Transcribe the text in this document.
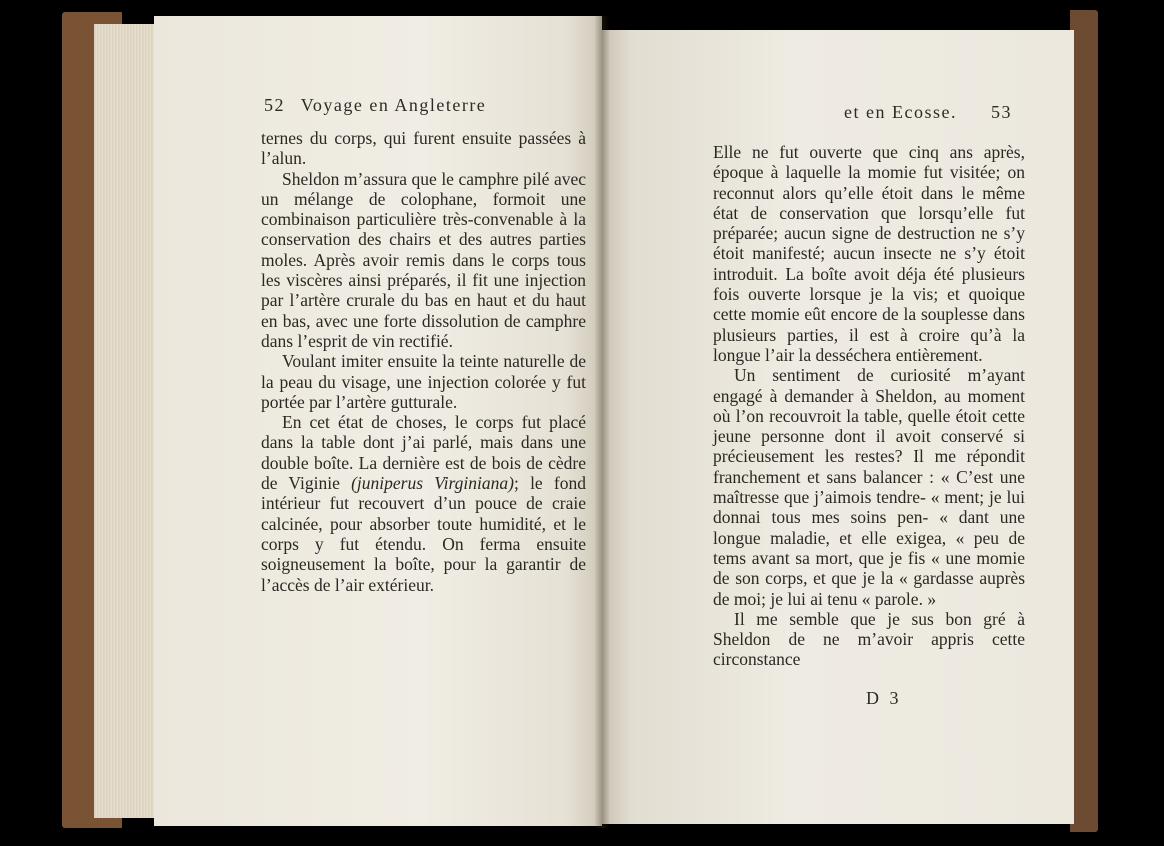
52 Voyage en Angleterre

ternes du corps, qui furent ensuite passées à l’alun.

Sheldon m’assura que le camphre pilé avec un mélange de colophane, formoit une combinaison particulière très-convenable à la conservation des chairs et des autres parties moles. Après avoir remis dans le corps tous les viscères ainsi préparés, il fit une injection par l’artère crurale du bas en haut et du haut en bas, avec une forte dissolution de camphre dans l’esprit de vin rectifié.

Voulant imiter ensuite la teinte naturelle de la peau du visage, une injection colorée y fut portée par l’artère gutturale.

En cet état de choses, le corps fut placé dans la table dont j’ai parlé, mais dans une double boîte. La dernière est de bois de cèdre de Viginie (juniperus Virginiana); le fond intérieur fut recouvert d’un pouce de craie calcinée, pour absorber toute humidité, et le corps y fut étendu. On ferma ensuite soigneusement la boîte, pour la garantir de l’accès de l’air extérieur.

et en Ecosse. 53

Elle ne fut ouverte que cinq ans après, époque à laquelle la momie fut visitée; on reconnut alors qu’elle étoit dans le même état de conservation que lorsqu’elle fut préparée; aucun signe de destruction ne s’y étoit manifesté; aucun insecte ne s’y étoit introduit. La boîte avoit déja été plusieurs fois ouverte lorsque je la vis; et quoique cette momie eût encore de la souplesse dans plusieurs parties, il est à croire qu’à la longue l’air la desséchera entièrement.

Un sentiment de curiosité m’ayant engagé à demander à Sheldon, au moment où l’on recouvroit la table, quelle étoit cette jeune personne dont il avoit conservé si précieusement les restes? Il me répondit franchement et sans balancer : « C’est une maîtresse que j’aimois tendre- « ment; je lui donnai tous mes soins pen- « dant une longue maladie, et elle exigea, « peu de tems avant sa mort, que je fis « une momie de son corps, et que je la « gardasse auprès de moi; je lui ai tenu « parole. »

Il me semble que je sus bon gré à Sheldon de ne m’avoir appris cette circonstance

D 3
